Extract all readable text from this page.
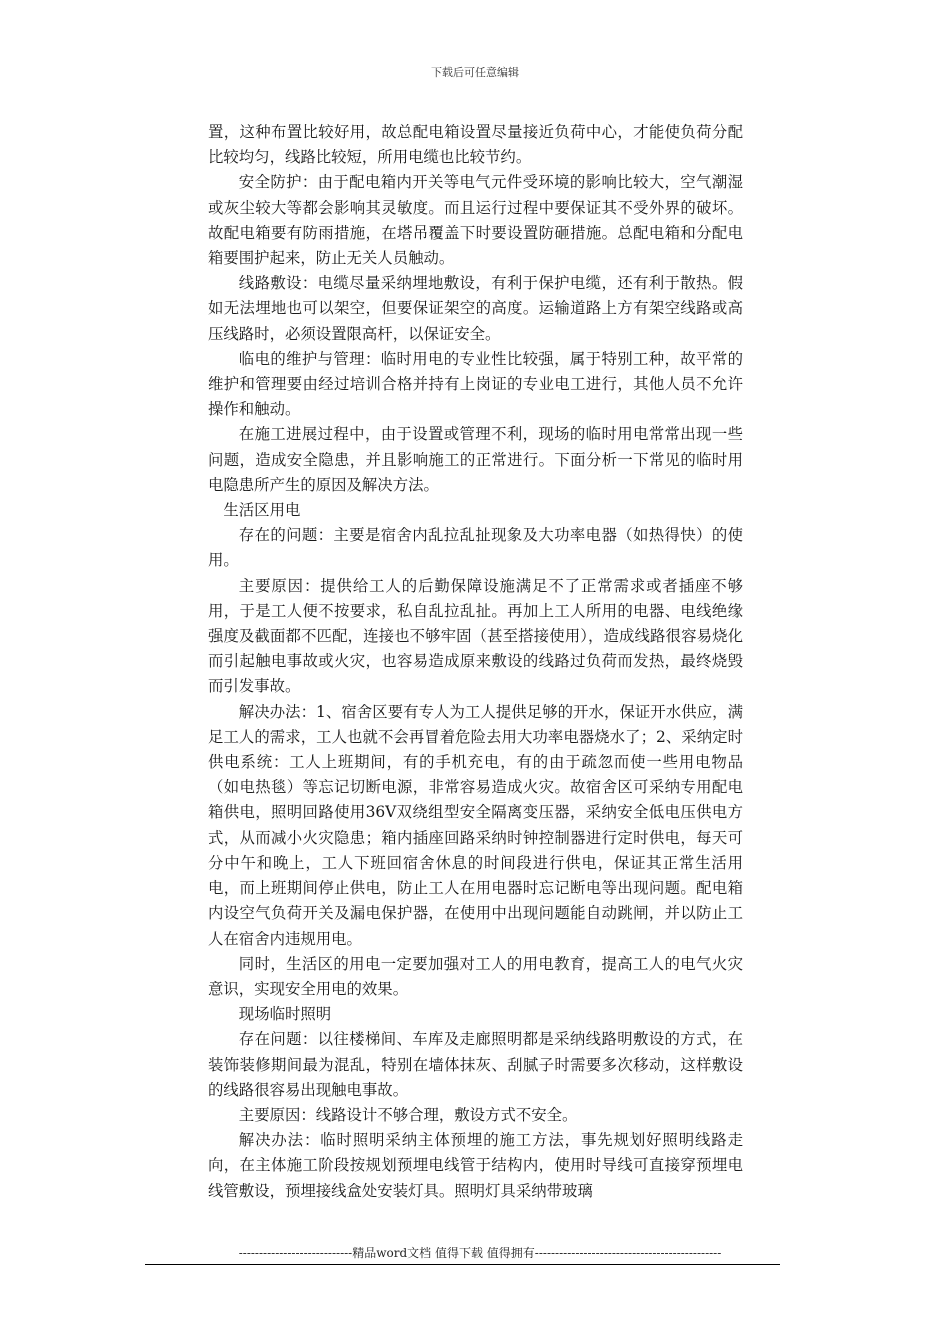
下载后可任意编辑

置，这种布置比较好用，故总配电箱设置尽量接近负荷中心，才能使负荷分配比较均匀，线路比较短，所用电缆也比较节约。

安全防护：由于配电箱内开关等电气元件受环境的影响比较大，空气潮湿或灰尘较大等都会影响其灵敏度。而且运行过程中要保证其不受外界的破坏。故配电箱要有防雨措施，在塔吊覆盖下时要设置防砸措施。总配电箱和分配电箱要围护起来，防止无关人员触动。

线路敷设：电缆尽量采纳埋地敷设，有利于保护电缆，还有利于散热。假如无法埋地也可以架空，但要保证架空的高度。运输道路上方有架空线路或高压线路时，必须设置限高杆，以保证安全。

临电的维护与管理：临时用电的专业性比较强，属于特别工种，故平常的维护和管理要由经过培训合格并持有上岗证的专业电工进行，其他人员不允许操作和触动。

在施工进展过程中，由于设置或管理不利，现场的临时用电常常出现一些问题，造成安全隐患，并且影响施工的正常进行。下面分析一下常见的临时用电隐患所产生的原因及解决方法。

生活区用电

存在的问题：主要是宿舍内乱拉乱扯现象及大功率电器（如热得快）的使用。

主要原因：提供给工人的后勤保障设施满足不了正常需求或者插座不够用，于是工人便不按要求，私自乱拉乱扯。再加上工人所用的电器、电线绝缘强度及截面都不匹配，连接也不够牢固（甚至搭接使用），造成线路很容易烧化而引起触电事故或火灾，也容易造成原来敷设的线路过负荷而发热，最终烧毁而引发事故。

解决办法：1、宿舍区要有专人为工人提供足够的开水，保证开水供应，满足工人的需求，工人也就不会再冒着危险去用大功率电器烧水了；2、采纳定时供电系统：工人上班期间，有的手机充电，有的由于疏忽而使一些用电物品（如电热毯）等忘记切断电源，非常容易造成火灾。故宿舍区可采纳专用配电箱供电，照明回路使用36V双绕组型安全隔离变压器，采纳安全低电压供电方式，从而减小火灾隐患；箱内插座回路采纳时钟控制器进行定时供电，每天可分中午和晚上，工人下班回宿舍休息的时间段进行供电，保证其正常生活用电，而上班期间停止供电，防止工人在用电器时忘记断电等出现问题。配电箱内设空气负荷开关及漏电保护器，在使用中出现问题能自动跳闸，并以防止工人在宿舍内违规用电。

同时，生活区的用电一定要加强对工人的用电教育，提高工人的电气火灾意识，实现安全用电的效果。

现场临时照明

存在问题：以往楼梯间、车库及走廊照明都是采纳线路明敷设的方式，在装饰装修期间最为混乱，特别在墙体抹灰、刮腻子时需要多次移动，这样敷设的线路很容易出现触电事故。

主要原因：线路设计不够合理，敷设方式不安全。

解决办法：临时照明采纳主体预埋的施工方法，事先规划好照明线路走向，在主体施工阶段按规划预埋电线管于结构内，使用时导线可直接穿预埋电线管敷设，预埋接线盒处安装灯具。照明灯具采纳带玻璃

----------------------------精品word文档 值得下载 值得拥有----------------------------------------------
